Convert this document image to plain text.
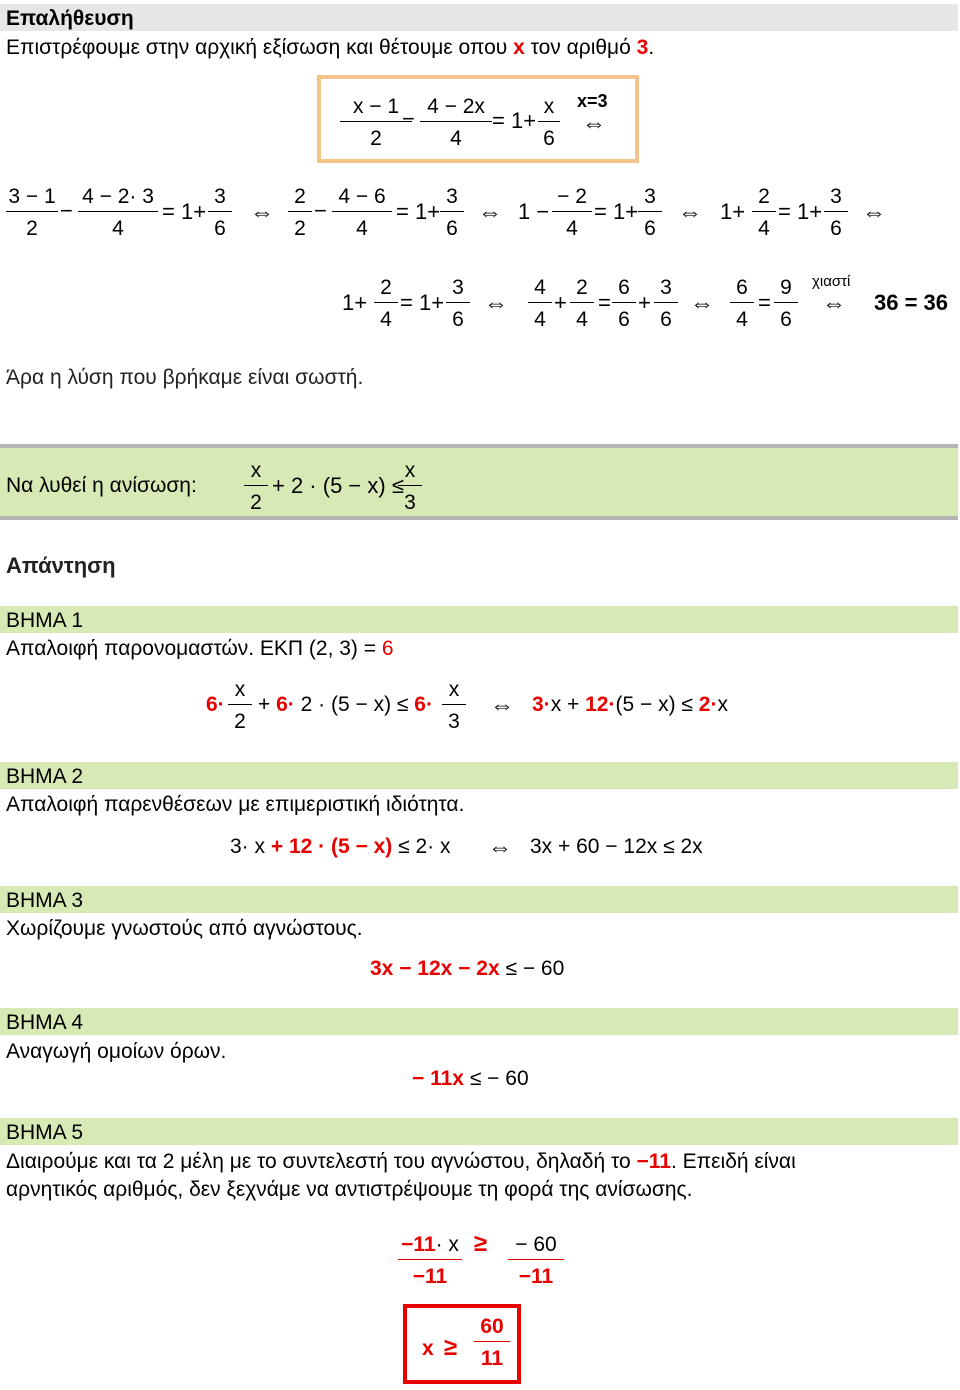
Επαλήθευση
Επιστρέφουμε στην αρχική εξίσωση και θέτουμε οπου x τον αριθμό 3.
$\frac{x - 1}{2}$
− $\frac{4 - 2x}{4} = 1+ \frac{x}{6} x=3$
⇔
$\frac{3 - 1}{2} - \frac{4 - 2\cdot 3}{4} = 1+ \frac{3}{6}$ ⇔ $\frac{2}{2} - \frac{4 - 6}{4} = 1+ \frac{3}{6}$ ⇔ $1 - \frac{- 2}{4} = 1+ \frac{3}{6}$ ⇔ $1+ \frac{2}{4} = 1+ \frac{3}{6}$ ⇔
$1+ \frac{2}{4} = 1+ \frac{3}{6}$ ⇔ $\frac{4}{4} + \frac{2}{4} = \frac{6}{6} + \frac{3}{6}$ ⇔ $\frac{6}{4} = \frac{9}{6}$ χιαστί
⇔ 36 = 36
Άρα η λύση που βρήκαμε είναι σωστή.
Να λυθεί η ανίσωση: $\frac{x}{2} + 2 \cdot (5 - x)$ ≤
$\frac{x}{3}$
Απάντηση
ΒΗΜΑ 1
Απαλοιφή παρονομαστών. ΕΚΠ (2, 3) = 6
$6\cdot \frac{x}{2} + 6\cdot 2 \cdot (5 - x) \le 6\cdot \frac{x}{3}$ ⇔ 3·x + 12·(5 − x) ≤ 2·x
ΒΗΜΑ 2
Απαλοιφή παρενθέσεων με επιμεριστική ιδιότητα.
3· x + 12 · (5 − x) ≤ 2· x ⇔ 3x + 60 − 12x ≤ 2x
ΒΗΜΑ 3
Χωρίζουμε γνωστούς από αγνώστους.
3x − 12x − 2x ≤ − 60
ΒΗΜΑ 4
Αναγωγή ομοίων όρων.
− 11x ≤ − 60
ΒΗΜΑ 5
Διαιρούμε και τα 2 μέλη με το συντελεστή του αγνώστου, δηλαδή το −11. Επειδή είναι
αρνητικός αριθμός, δεν ξεχνάμε να αντιστρέψουμε τη φορά της ανίσωσης.
$\frac{-11\cdot x}{-11} \ge \frac{- 60}{-11}$
$x \ge \frac{60}{11}$
